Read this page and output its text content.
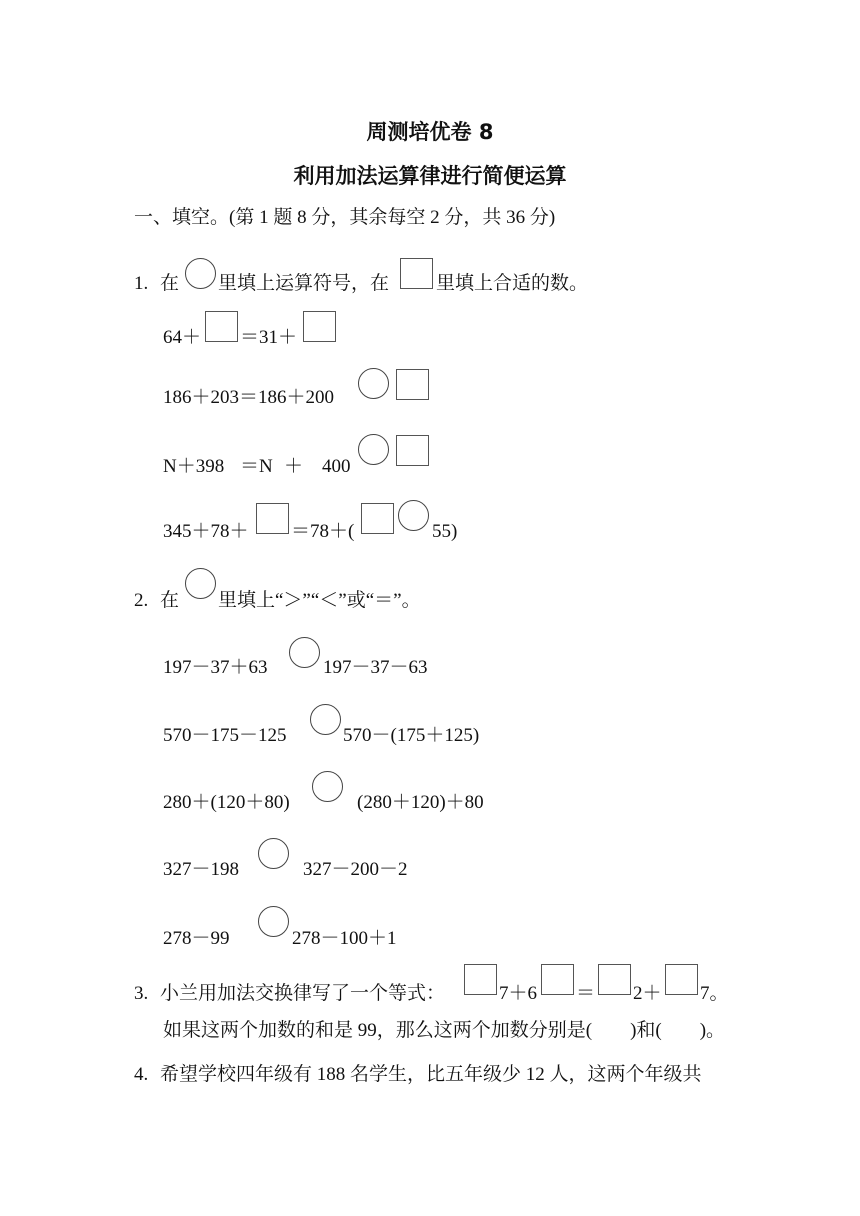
周测培优卷 8
利用加法运算律进行简便运算
一、填空。(第 1 题 8 分，其余每空 2 分，共 36 分)
1. 在 里填上运算符号，在 里填上合适的数。
64＋ ＝31＋
186＋203＝186＋200
N＋398 ＝N ＋ 400
345＋78＋ ＝78＋(	55)
2. 在 里填上“＞”“＜”或“＝”。
197－37＋63	197－37－63
570－175－125	570－(175＋125)
280＋(120＋80)	(280＋120)＋80
327－198	327－200－2
278－99	278－100＋1
3. 小兰用加法交换律写了一个等式：	7＋6 ＝ 2＋ 7。
如果这两个加数的和是 99，那么这两个加数分别是(　　)和(　　)。
4. 希望学校四年级有 188 名学生，比五年级少 12 人，这两个年级共
